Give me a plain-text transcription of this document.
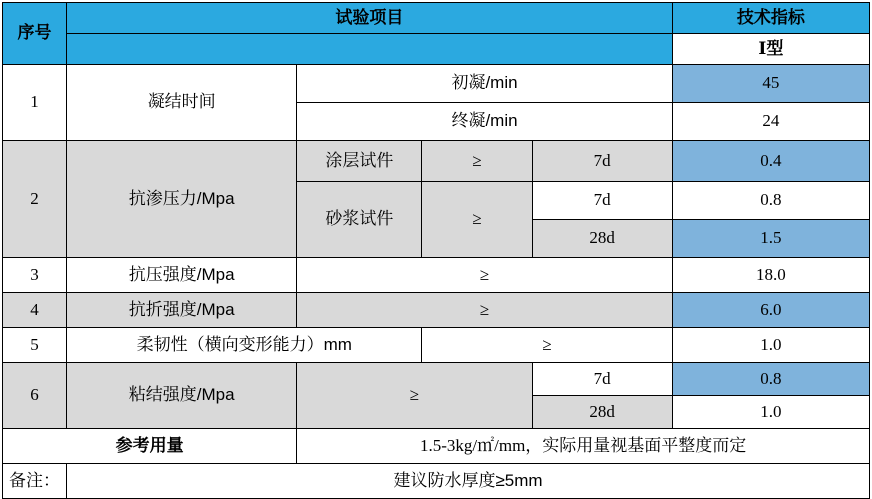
序号	试验项目				技术指标
					Ⅰ型
1	凝结时间	初凝/min			45
		终凝/min			24
2	抗渗压力/Mpa	涂层试件	≥	7d	0.4
		砂浆试件	≥	7d	0.8
				28d	1.5
3	抗压强度/Mpa	≥			18.0
4	抗折强度/Mpa	≥			6.0
5	柔韧性（横向变形能力）mm		≥		1.0
6	粘结强度/Mpa	≥		7d	0.8
				28d	1.0
参考用量		1.5-3kg/㎡/mm，实际用量视基面平整度而定			
备注：	建议防水厚度≥5mm				
